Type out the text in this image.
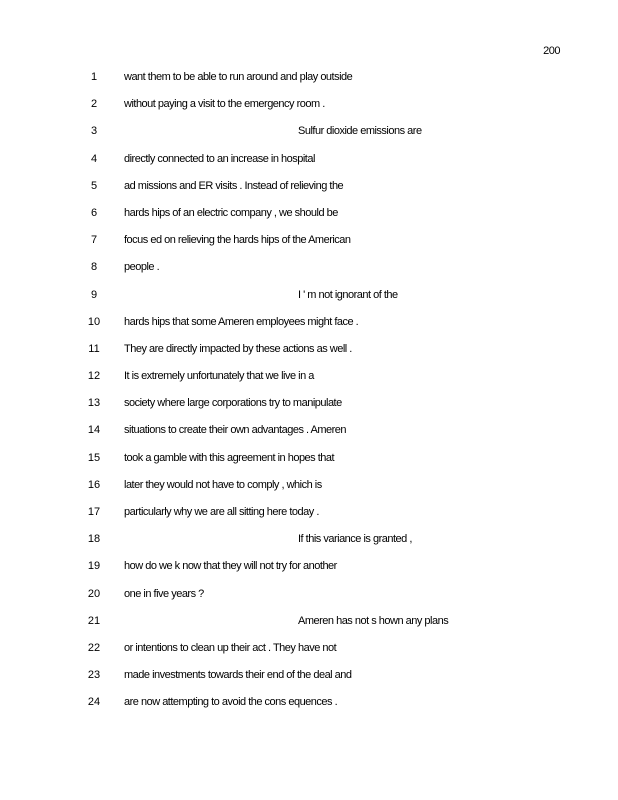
200
1
2
3
4
5
6
7
8
9
10
11
12
13
14
15
16
17
18
19
20
21
22
23
24
want them to be able to run around and play outside
without paying a visit to the emergency room .
Sulfur dioxide emissions are
directly connected to an increase in hospital
ad missions and ER visits . Instead of relieving the
hards hips of an electric company , we should be
focus ed on relieving the hards hips of the American
people .
I ' m not ignorant of the
hards hips that some Ameren employees might face .
They are directly impacted by these actions as well .
It is extremely unfortunately that we live in a
society where large corporations try to manipulate
situations to create their own advantages . Ameren
took a gamble with this agreement in hopes that
later they would not have to comply , which is
particularly why we are all sitting here today .
If this variance is granted ,
how do we k now that they will not try for another
one in five years ?
Ameren has not s hown any plans
or intentions to clean up their act . They have not
made investments towards their end of the deal and
are now attempting to avoid the cons equences .
